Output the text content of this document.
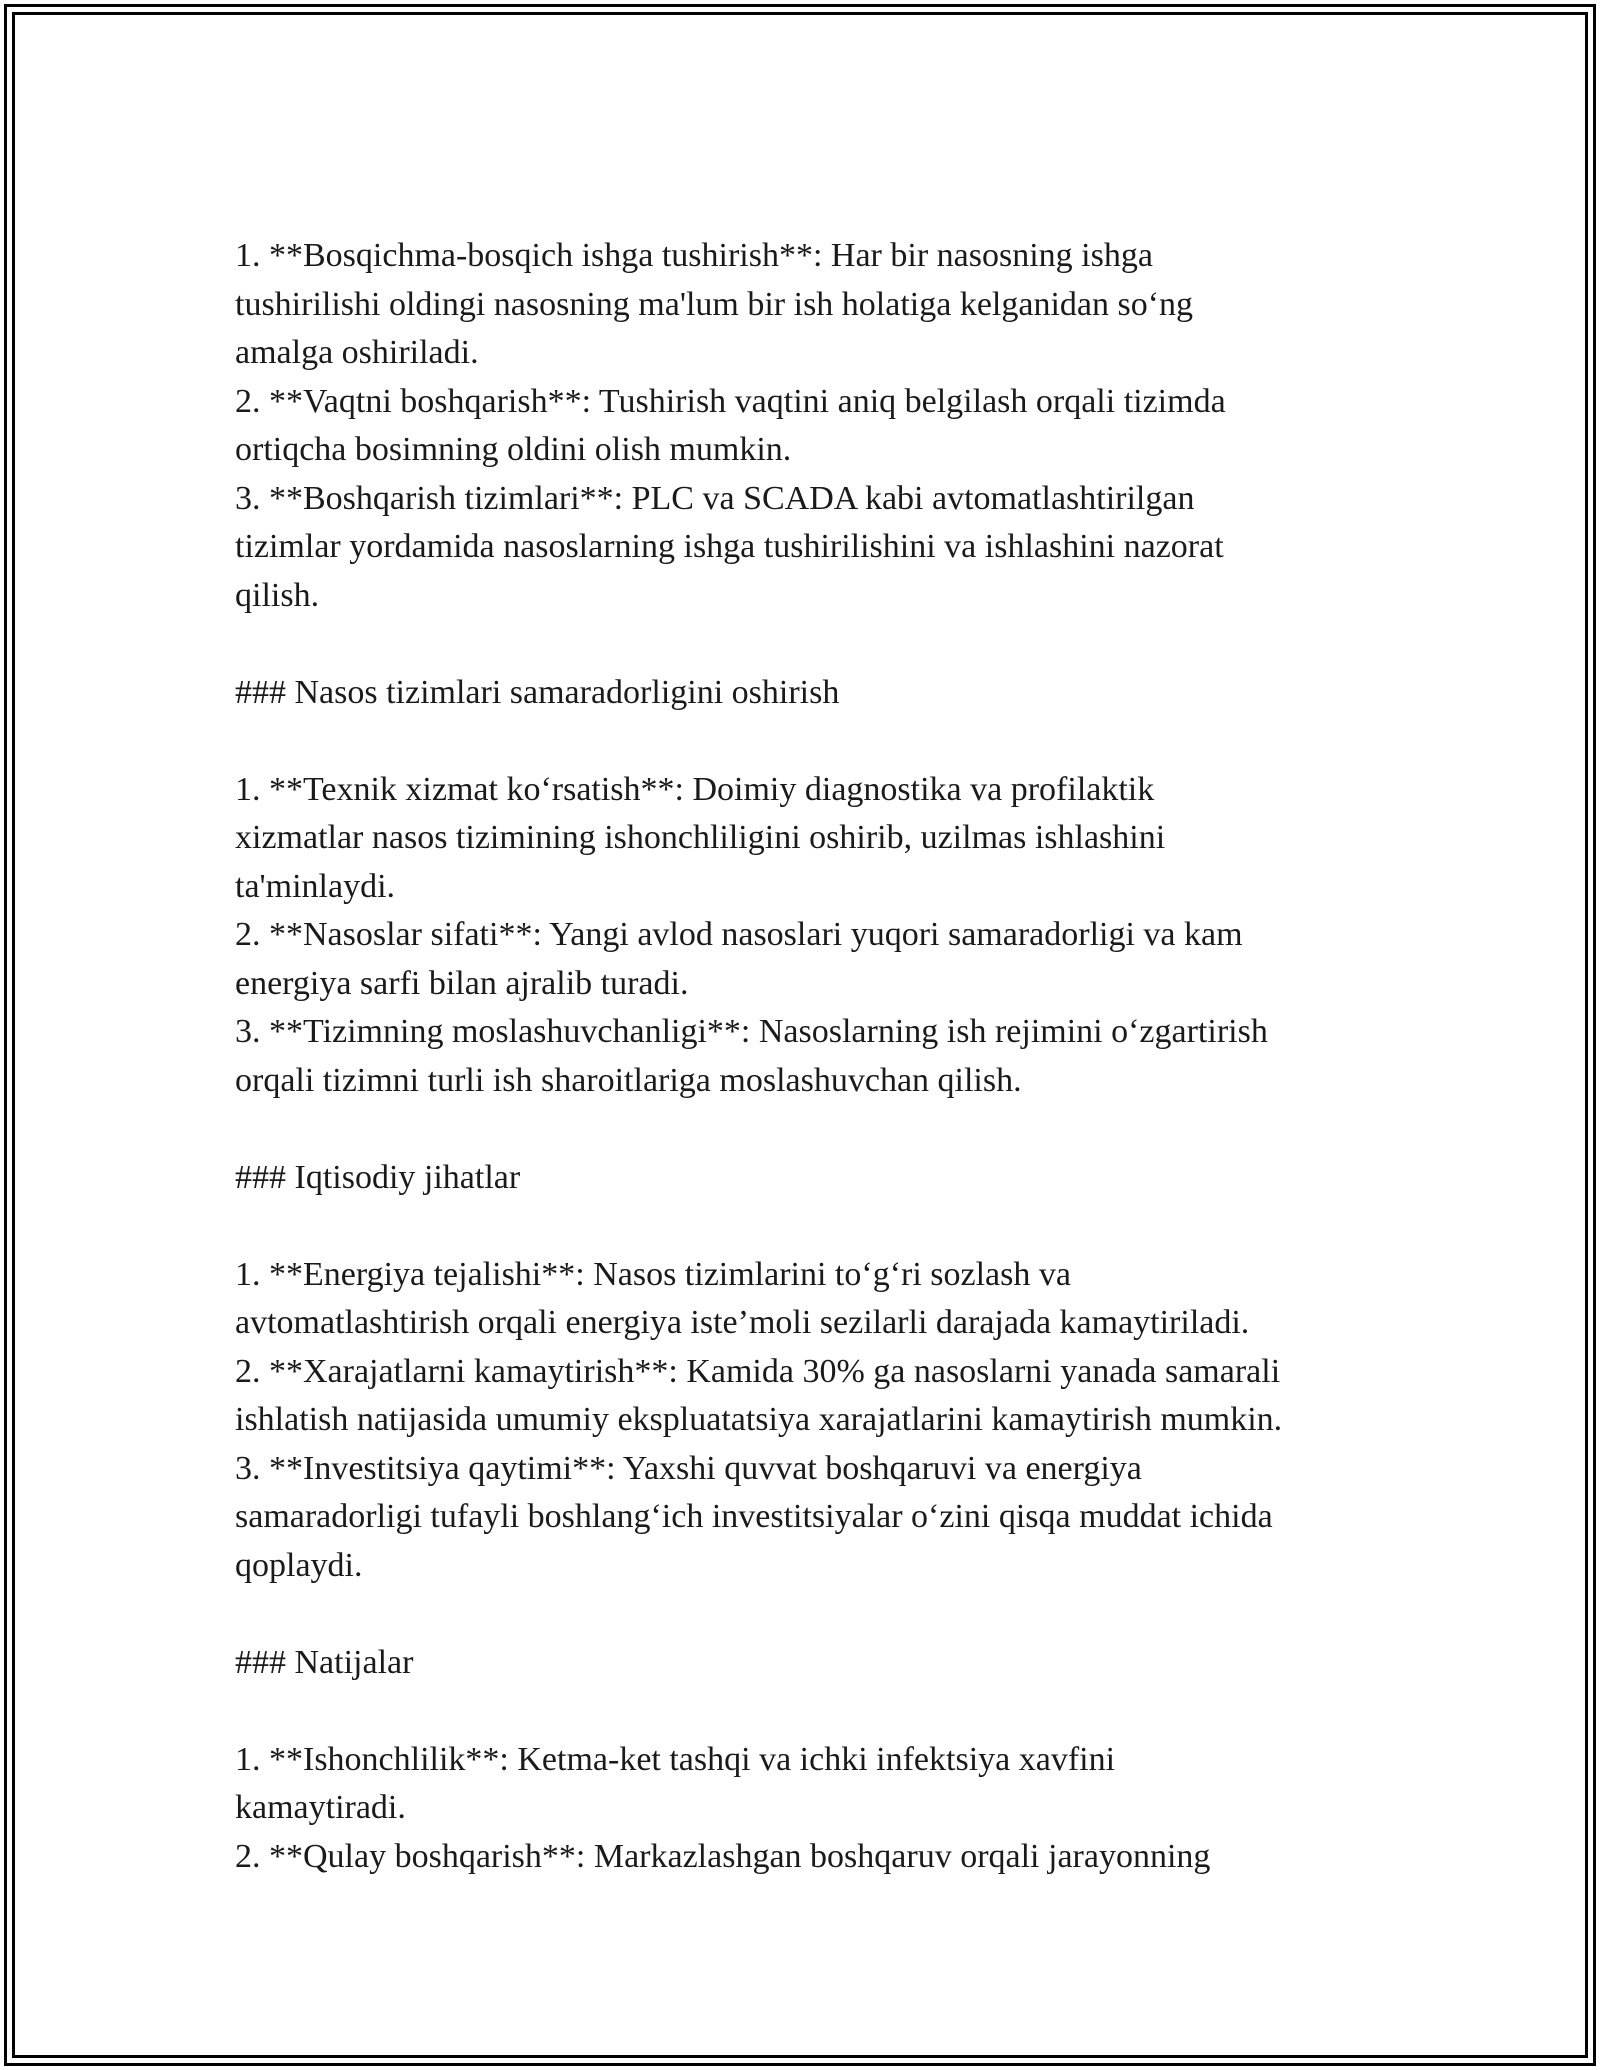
1. **Bosqichma-bosqich ishga tushirish**: Har bir nasosning ishga
tushirilishi oldingi nasosning ma'lum bir ish holatiga kelganidan so‘ng
amalga oshiriladi.
2. **Vaqtni boshqarish**: Tushirish vaqtini aniq belgilash orqali tizimda
ortiqcha bosimning oldini olish mumkin.
3. **Boshqarish tizimlari**: PLC va SCADA kabi avtomatlashtirilgan
tizimlar yordamida nasoslarning ishga tushirilishini va ishlashini nazorat
qilish.
### Nasos tizimlari samaradorligini oshirish
1. **Texnik xizmat ko‘rsatish**: Doimiy diagnostika va profilaktik
xizmatlar nasos tizimining ishonchliligini oshirib, uzilmas ishlashini
ta'minlaydi.
2. **Nasoslar sifati**: Yangi avlod nasoslari yuqori samaradorligi va kam
energiya sarfi bilan ajralib turadi.
3. **Tizimning moslashuvchanligi**: Nasoslarning ish rejimini o‘zgartirish
orqali tizimni turli ish sharoitlariga moslashuvchan qilish.
### Iqtisodiy jihatlar
1. **Energiya tejalishi**: Nasos tizimlarini to‘g‘ri sozlash va
avtomatlashtirish orqali energiya iste’moli sezilarli darajada kamaytiriladi.
2. **Xarajatlarni kamaytirish**: Kamida 30% ga nasoslarni yanada samarali
ishlatish natijasida umumiy ekspluatatsiya xarajatlarini kamaytirish mumkin.
3. **Investitsiya qaytimi**: Yaxshi quvvat boshqaruvi va energiya
samaradorligi tufayli boshlang‘ich investitsiyalar o‘zini qisqa muddat ichida
qoplaydi.
### Natijalar
1. **Ishonchlilik**: Ketma-ket tashqi va ichki infektsiya xavfini
kamaytiradi.
2. **Qulay boshqarish**: Markazlashgan boshqaruv orqali jarayonning
